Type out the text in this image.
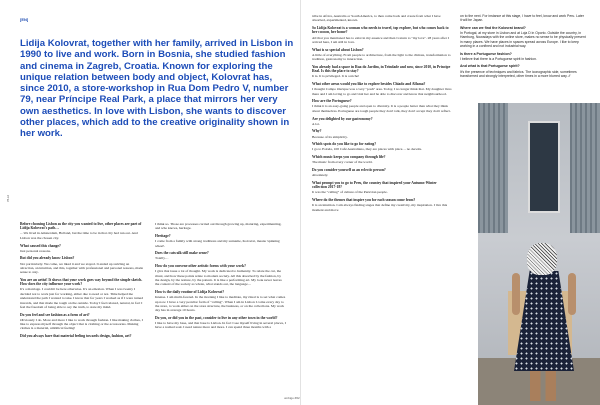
PT&I
[EN]

Lidija Kolovrat, together with her family, arrived in Lisbon in 1990 to live and work. Born in Bosnia, she studied fashion and cinema in Zagreb, Croatia. Known for exploring the unique relation between body and object, Kolovrat has, since 2010, a store-workshop in Rua Dom Pedro V, number 79, near Príncipe Real Park, a place that mirrors her very own aesthetics. In love with Lisbon, she wants to discover other places, which add to the creative originality shown in her work.

Before choosing Lisbon as the city you wanted to live, other places are part of Lidija Kolovrat's path…
…We lived in Amsterdam, Holland, but the time to be in that city had run out. And Lisbon was the chosen city.
What caused this change?
Just personal reasons.
But did you already know Lisbon?
Not particularly. We came, we liked it and we stayed. It ended up swirling an attraction, an intuition, and this, together with professional and personal reasons, made sense to stay.
You are an artist! It shows that your work goes way beyond the simple sketch. How does the city influence your work?
It's a marriage. I couldn't be here otherwise. It's an emotion. When I was twenty I decided not to work just for working, either due to need or not. Time helped me understand the path I wanted to take. I know that for years I worked as if I were turned inwards, and that made me tough on the outside. Today I feel relaxed, natural, in fact I feel the freedom of being able to say the truth, to state my mind.
Do you feel and see fashion as a form of art?
Obviously I do. More and more I like to work through fashion. I like making clothes, I like to express myself through the object that is clothing or the accessories. Making clothes is a material, umbilical feeling!
Did you always have that material feeling towards design, fashion, art?
I think so. Those are processes carried out through growing up, maturing, experimenting, and who knows, heritage.
Heritage?
I come from a family with strong traditions and my surname, Kolovrat, means 'spinning wheel'.
Does the catwalk still make sense?
Totally…
How do you convene other artistic forms with your work?
I give that issue a lot of thought. My work is dedicated to humanity. To relate the cut, the ritual, and how these points relate to modern society. All this absorbed by the fashion, by the design, by the texture, by the pattern. It is like a performing art. My look never leaves the context of the society as whole, what stands out, the language…
How is the daily routine of Lidija Kolovrat?
Intense. I am multi-faceted. In the morning I like to meditate, my ritual is to set what comes up now. I have a very peculiar form of "calling". When I am in Lisbon I come every day to the store, to work either on the store structure, the business, or on the collections. My work day has in average 10 hours.
Do you, or did you in the past, consider to live in any other town in the world?
I like to have my base, and that base is Lisbon. In fact I see myself living in several places, I have a nomad soul. I need nature more and more. I can spend three months with a
tribe in Africa, Australia or South America, to then come back and create from what I have absorbed, experimented, known.
So Lidija Kolovrat is a woman who needs to travel, top explore, but who comes back to her cocoon, her home?
All that you mentioned has to exist in my essence and then I return to "my love". 28 years after I arrived here, I am still in love.
What is so special about Lisbon?
A little of everything. From people to architecture, from the light to the climate, transformation to tradition, gastronomy to interaction.
You already had a space in Rua do Jardim, in Trindade and now, since 2010, in Príncipe Real. Is this the place to stay?
It is. It is privileged. It is a niche!
What other areas would you like to explore besides Chiado and Alfama?
I thought Campo Ourique was a very "posh" area. Today, I no longer think that. My daughter lives there and I am loving to go and visit her and be able to discover and know that neighbourhood.
How are the Portuguese?
I think it is an easy-going people and open to diversity. It is a people better than what they think about themselves. Portuguese are tough people they don't talk, they don't accept they don't reflect.
Are you delighted by our gastronomy?
A lot.
Why?
Because of its simplicity.
Which spots do you like to go for eating?
I go to Estrela, 100 Café Australiano, they are places with place… no deceits.
Which music keeps you company through life?
The music from every corner of the world.
Do you consider yourself as an eclectic person?
Absolutely.
What prompt you to go to Peru, the country that inspired your Autumn-Winter collection 2017-18?
It was the "calling" of culture of the Peruvian people.
Where do the themes that inspire you for each season come from?
It is an intuition. I am always finding stages that define my creativity, my inspiration. I live this moment and move
on to the next. For instance at this stage, I have to feel, know and work Peru. Later it will be Japan.
Where can we find the Kolovrat brand?
In Portugal, at my store in Lisbon and at Loja D in Oporto. Outside the country, in Hamburg, Nowadays with the online store, makes no sense to be physically present in many places. We have places in spaces spread across Europe. I like to keep working in a confined and not industrial way.
Is there a Portuguese fashion?
I believe that there is a Portuguese spirit in fashion.
And what is that Portuguese spirit?
It's the presence of techniques and fabrics. The iconographic side, sometimes transformed and strongly interpreted, other times in a more blurred way. //
umbigo #62
